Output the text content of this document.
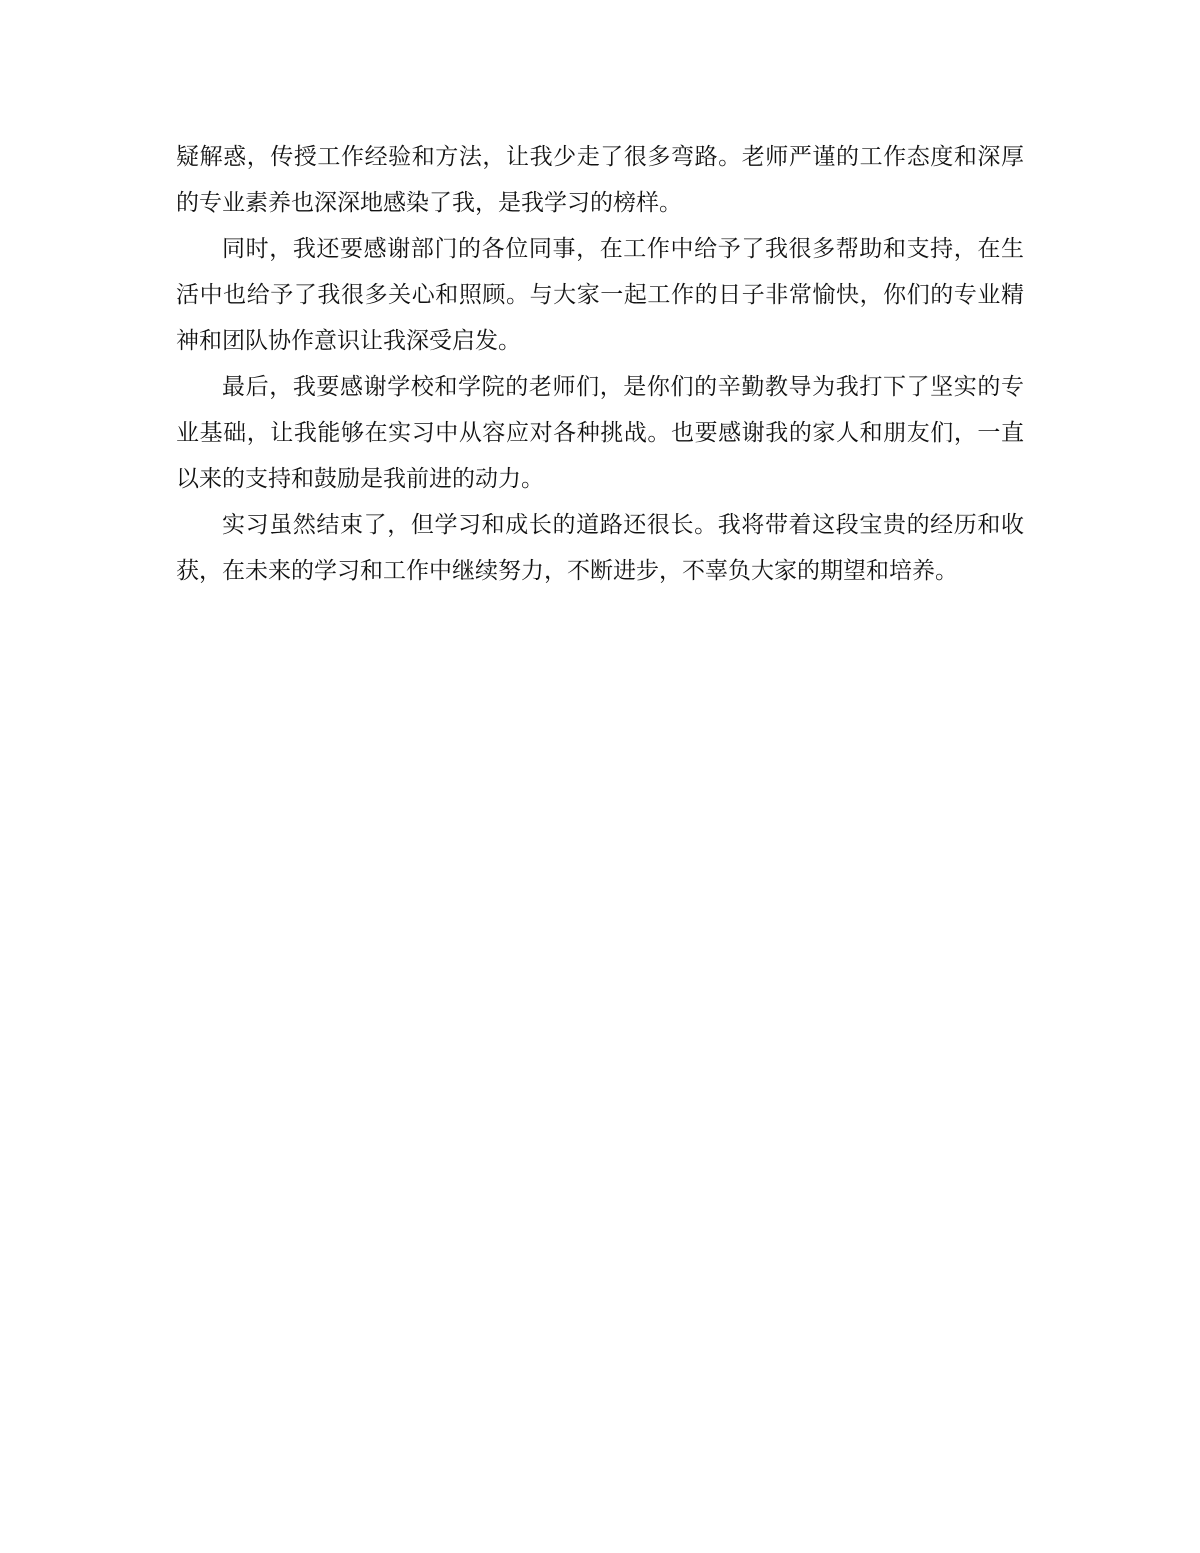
疑解惑，传授工作经验和方法，让我少走了很多弯路。老师严谨的工作态度和深厚的专业素养也深深地感染了我，是我学习的榜样。

同时，我还要感谢部门的各位同事，在工作中给予了我很多帮助和支持，在生活中也给予了我很多关心和照顾。与大家一起工作的日子非常愉快，你们的专业精神和团队协作意识让我深受启发。

最后，我要感谢学校和学院的老师们，是你们的辛勤教导为我打下了坚实的专业基础，让我能够在实习中从容应对各种挑战。也要感谢我的家人和朋友们，一直以来的支持和鼓励是我前进的动力。

实习虽然结束了，但学习和成长的道路还很长。我将带着这段宝贵的经历和收获，在未来的学习和工作中继续努力，不断进步，不辜负大家的期望和培养。
